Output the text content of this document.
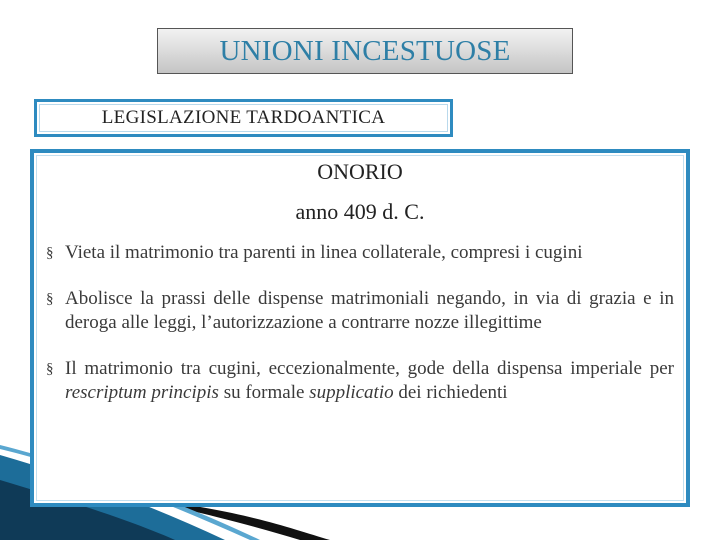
UNIONI INCESTUOSE
LEGISLAZIONE TARDOANTICA
ONORIO
anno 409 d. C.
§ Vieta il matrimonio tra parenti in linea collaterale, compresi i cugini
§ Abolisce la prassi delle dispense matrimoniali negando, in via di grazia e in deroga alle leggi, l’autorizzazione a contrarre nozze illegittime
§ Il matrimonio tra cugini, eccezionalmente, gode della dispensa imperiale per rescriptum principis su formale supplicatio dei richiedenti
